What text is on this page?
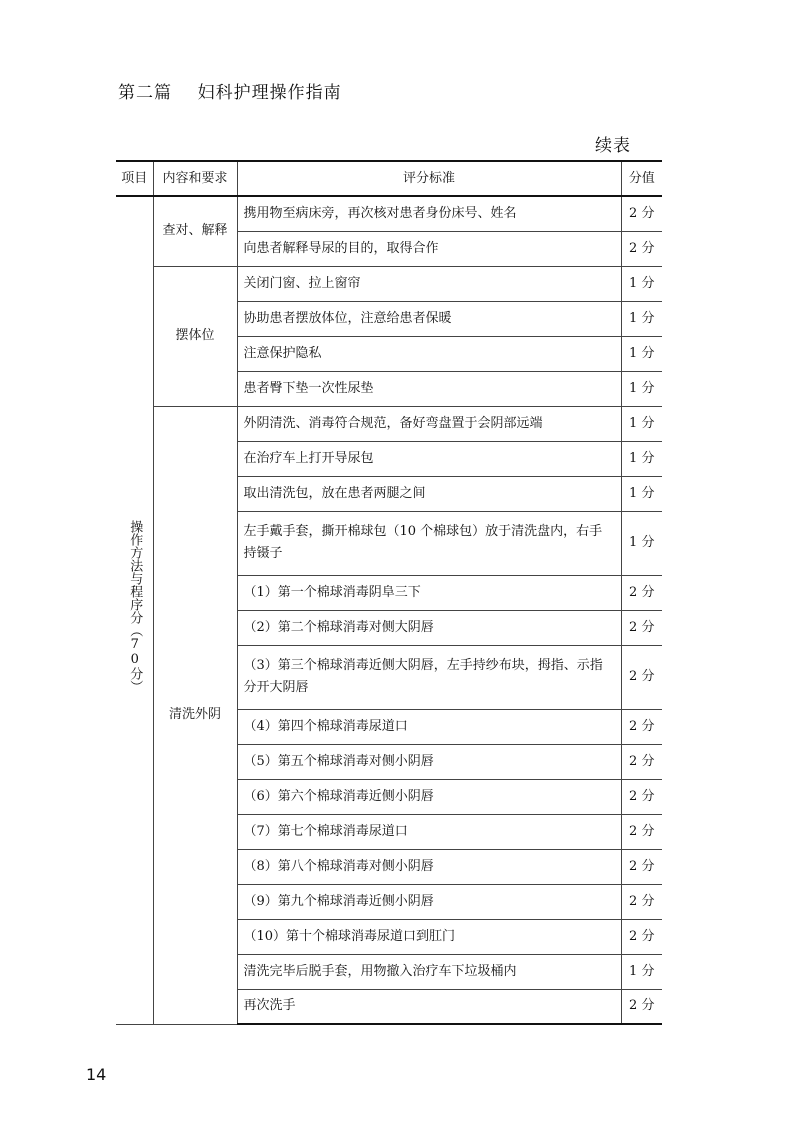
第二篇    妇科护理操作指南
续表
项目	内容和要求	评分标准	分值
操作方法与程序分（70分）	查对、解释	携用物至病床旁，再次核对患者身份床号、姓名	2 分
		向患者解释导尿的目的，取得合作	2 分
	摆体位	关闭门窗、拉上窗帘	1 分
		协助患者摆放体位，注意给患者保暖	1 分
		注意保护隐私	1 分
		患者臀下垫一次性尿垫	1 分
	清洗外阴	外阴清洗、消毒符合规范，备好弯盘置于会阴部远端	1 分
		在治疗车上打开导尿包	1 分
		取出清洗包，放在患者两腿之间	1 分
		左手戴手套，撕开棉球包（10 个棉球包）放于清洗盘内，右手持镊子	1 分
		（1）第一个棉球消毒阴阜三下	2 分
		（2）第二个棉球消毒对侧大阴唇	2 分
		（3）第三个棉球消毒近侧大阴唇，左手持纱布块，拇指、示指分开大阴唇	2 分
		（4）第四个棉球消毒尿道口	2 分
		（5）第五个棉球消毒对侧小阴唇	2 分
		（6）第六个棉球消毒近侧小阴唇	2 分
		（7）第七个棉球消毒尿道口	2 分
		（8）第八个棉球消毒对侧小阴唇	2 分
		（9）第九个棉球消毒近侧小阴唇	2 分
		（10）第十个棉球消毒尿道口到肛门	2 分
		清洗完毕后脱手套，用物撤入治疗车下垃圾桶内	1 分
		再次洗手	2 分
14
